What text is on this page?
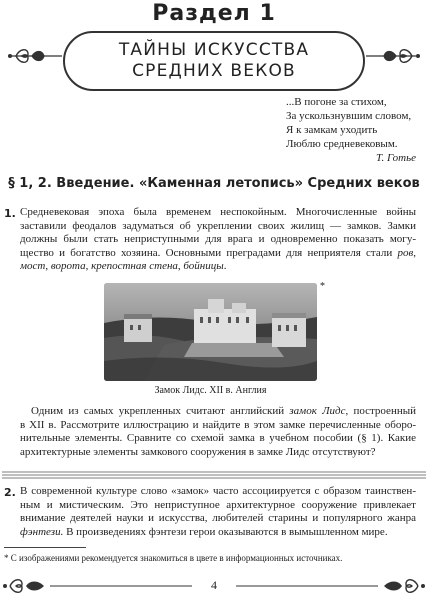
Раздел 1
ТАЙНЫ ИСКУССТВА
СРЕДНИХ ВЕКОВ
...В погоне за стихом,
За ускользнувшим словом,
Я к замкам уходить
Люблю средневековым.
Т. Готье
§ 1, 2. Введение. «Каменная летопись» Средних веков
1. Средневековая эпоха была временем неспокойным. Многочисленные войны
заставили феодалов задуматься об укреплении своих жилищ — замков. Замки
должны были стать неприступными для врага и одновременно показать могу-
щество и богатство хозяина. Основными преградами для неприятеля стали ров,
мост, ворота, крепостная стена, бойницы.
*
Замок Лидс. XII в. Англия
 Одним из самых укрепленных считают английский замок Лидс, построенный
в XII в. Рассмотрите иллюстрацию и найдите в этом замке перечисленные оборо-
нительные элементы. Сравните со схемой замка в учебном пособии (§ 1). Какие
архитектурные элементы замкового сооружения в замке Лидс отсутствуют?
2. В современной культуре слово «замок» часто ассоциируется с образом таинствен-
ным и мистическим. Это неприступное архитектурное сооружение привлекает
внимание деятелей науки и искусства, любителей старины и популярного жанра
фэнтези. В произведениях фэнтези герои оказываются в вымышленном мире.
* С изображениями рекомендуется знакомиться в цвете в информационных источниках.
4
